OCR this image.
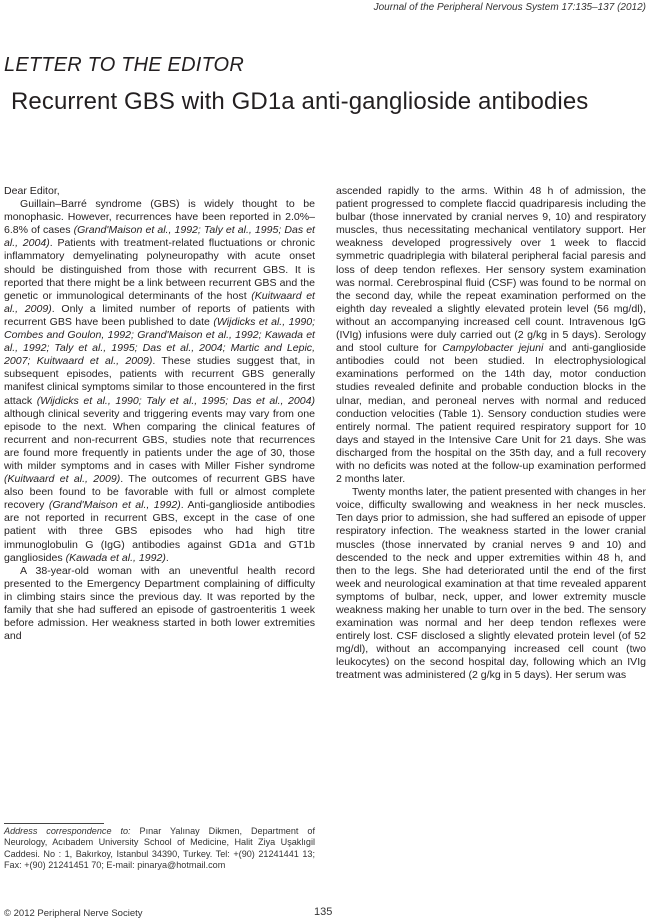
Journal of the Peripheral Nervous System 17:135–137 (2012)
LETTER TO THE EDITOR
Recurrent GBS with GD1a anti-ganglioside antibodies

Dear Editor,

Guillain–Barré syndrome (GBS) is widely thought to be monophasic. However, recurrences have been reported in 2.0%–6.8% of cases (Grand'Maison et al., 1992; Taly et al., 1995; Das et al., 2004). Patients with treatment-related fluctuations or chronic inflammatory demyelinating polyneuropathy with acute onset should be distinguished from those with recurrent GBS. It is reported that there might be a link between recurrent GBS and the genetic or immunological determinants of the host (Kuitwaard et al., 2009). Only a limited number of reports of patients with recurrent GBS have been published to date (Wijdicks et al., 1990; Combes and Goulon, 1992; Grand'Maison et al., 1992; Kawada et al., 1992; Taly et al., 1995; Das et al., 2004; Martic and Lepic, 2007; Kuitwaard et al., 2009). These studies suggest that, in subsequent episodes, patients with recurrent GBS generally manifest clinical symptoms similar to those encountered in the first attack (Wijdicks et al., 1990; Taly et al., 1995; Das et al., 2004) although clinical severity and triggering events may vary from one episode to the next. When comparing the clinical features of recurrent and non-recurrent GBS, studies note that recurrences are found more frequently in patients under the age of 30, those with milder symptoms and in cases with Miller Fisher syndrome (Kuitwaard et al., 2009). The outcomes of recurrent GBS have also been found to be favorable with full or almost complete recovery (Grand'Maison et al., 1992). Anti-ganglioside antibodies are not reported in recurrent GBS, except in the case of one patient with three GBS episodes who had high titre immunoglobulin G (IgG) antibodies against GD1a and GT1b gangliosides (Kawada et al., 1992).

A 38-year-old woman with an uneventful health record presented to the Emergency Department complaining of difficulty in climbing stairs since the previous day. It was reported by the family that she had suffered an episode of gastroenteritis 1 week before admission. Her weakness started in both lower extremities and

ascended rapidly to the arms. Within 48 h of admission, the patient progressed to complete flaccid quadriparesis including the bulbar (those innervated by cranial nerves 9, 10) and respiratory muscles, thus necessitating mechanical ventilatory support. Her weakness developed progressively over 1 week to flaccid symmetric quadriplegia with bilateral peripheral facial paresis and loss of deep tendon reflexes. Her sensory system examination was normal. Cerebrospinal fluid (CSF) was found to be normal on the second day, while the repeat examination performed on the eighth day revealed a slightly elevated protein level (56 mg/dl), without an accompanying increased cell count. Intravenous IgG (IVIg) infusions were duly carried out (2 g/kg in 5 days). Serology and stool culture for Campylobacter jejuni and anti-ganglioside antibodies could not been studied. In electrophysiological examinations performed on the 14th day, motor conduction studies revealed definite and probable conduction blocks in the ulnar, median, and peroneal nerves with normal and reduced conduction velocities (Table 1). Sensory conduction studies were entirely normal. The patient required respiratory support for 10 days and stayed in the Intensive Care Unit for 21 days. She was discharged from the hospital on the 35th day, and a full recovery with no deficits was noted at the follow-up examination performed 2 months later.

Twenty months later, the patient presented with changes in her voice, difficulty swallowing and weakness in her neck muscles. Ten days prior to admission, she had suffered an episode of upper respiratory infection. The weakness started in the lower cranial muscles (those innervated by cranial nerves 9 and 10) and descended to the neck and upper extremities within 48 h, and then to the legs. She had deteriorated until the end of the first week and neurological examination at that time revealed apparent symptoms of bulbar, neck, upper, and lower extremity muscle weakness making her unable to turn over in the bed. The sensory examination was normal and her deep tendon reflexes were entirely lost. CSF disclosed a slightly elevated protein level (of 52 mg/dl), without an accompanying increased cell count (two leukocytes) on the second hospital day, following which an IVIg treatment was administered (2 g/kg in 5 days). Her serum was

Address correspondence to: Pınar Yalınay Dikmen, Department of Neurology, Acıbadem University School of Medicine, Halit Ziya Uşaklıgil Caddesi. No : 1, Bakırkoy, Istanbul 34390, Turkey. Tel: +(90) 21241441 13; Fax: +(90) 21241451 70; E-mail: pinarya@hotmail.com
© 2012 Peripheral Nerve Society	135
